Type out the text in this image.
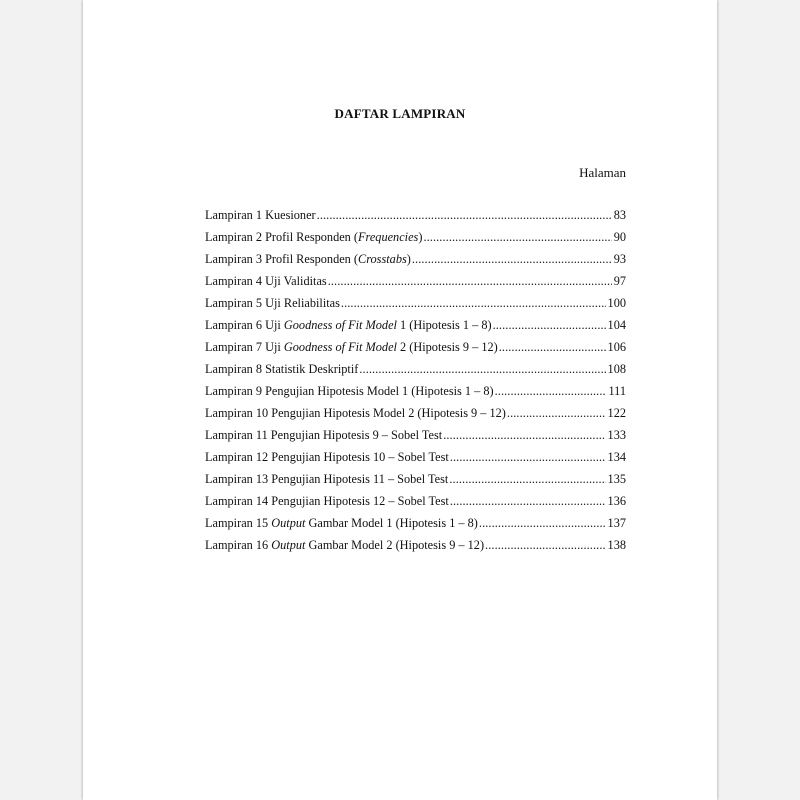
DAFTAR LAMPIRAN
Halaman
Lampiran 1 Kuesioner .....	83
Lampiran 2 Profil Responden (Frequencies) .....	90
Lampiran 3 Profil Responden (Crosstabs) .....	93
Lampiran 4 Uji Validitas .....	97
Lampiran 5 Uji Reliabilitas .....	100
Lampiran 6 Uji Goodness of Fit Model 1 (Hipotesis 1 – 8) .....	104
Lampiran 7 Uji Goodness of Fit Model 2 (Hipotesis 9 – 12) .....	106
Lampiran 8 Statistik Deskriptif .....	108
Lampiran 9 Pengujian Hipotesis Model 1 (Hipotesis 1 – 8) .....	111
Lampiran 10 Pengujian Hipotesis Model 2 (Hipotesis 9 – 12) .....	122
Lampiran 11 Pengujian Hipotesis 9 – Sobel Test .....	133
Lampiran 12 Pengujian Hipotesis 10 – Sobel Test .....	134
Lampiran 13 Pengujian Hipotesis 11 – Sobel Test .....	135
Lampiran 14 Pengujian Hipotesis 12 – Sobel Test .....	136
Lampiran 15 Output Gambar Model 1 (Hipotesis 1 – 8) .....	137
Lampiran 16 Output Gambar Model 2 (Hipotesis 9 – 12) .....	138
